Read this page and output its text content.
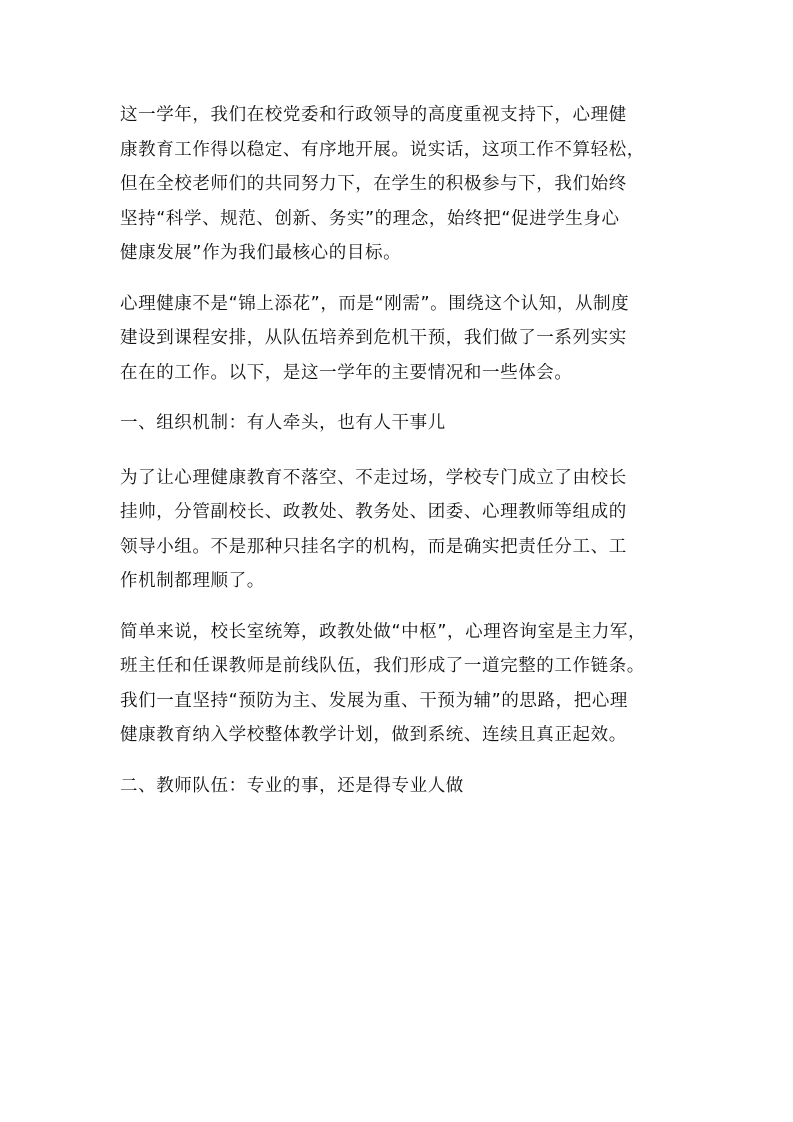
这一学年，我们在校党委和行政领导的高度重视支持下，心理健
康教育工作得以稳定、有序地开展。说实话，这项工作不算轻松，
但在全校老师们的共同努力下，在学生的积极参与下，我们始终
坚持“科学、规范、创新、务实”的理念，始终把“促进学生身心
健康发展”作为我们最核心的目标。

心理健康不是“锦上添花”，而是“刚需”。围绕这个认知，从制度
建设到课程安排，从队伍培养到危机干预，我们做了一系列实实
在在的工作。以下，是这一学年的主要情况和一些体会。

一、组织机制：有人牵头，也有人干事儿

为了让心理健康教育不落空、不走过场，学校专门成立了由校长
挂帅，分管副校长、政教处、教务处、团委、心理教师等组成的
领导小组。不是那种只挂名字的机构，而是确实把责任分工、工
作机制都理顺了。

简单来说，校长室统筹，政教处做“中枢”，心理咨询室是主力军，
班主任和任课教师是前线队伍，我们形成了一道完整的工作链条。
我们一直坚持“预防为主、发展为重、干预为辅”的思路，把心理
健康教育纳入学校整体教学计划，做到系统、连续且真正起效。

二、教师队伍：专业的事，还是得专业人做
